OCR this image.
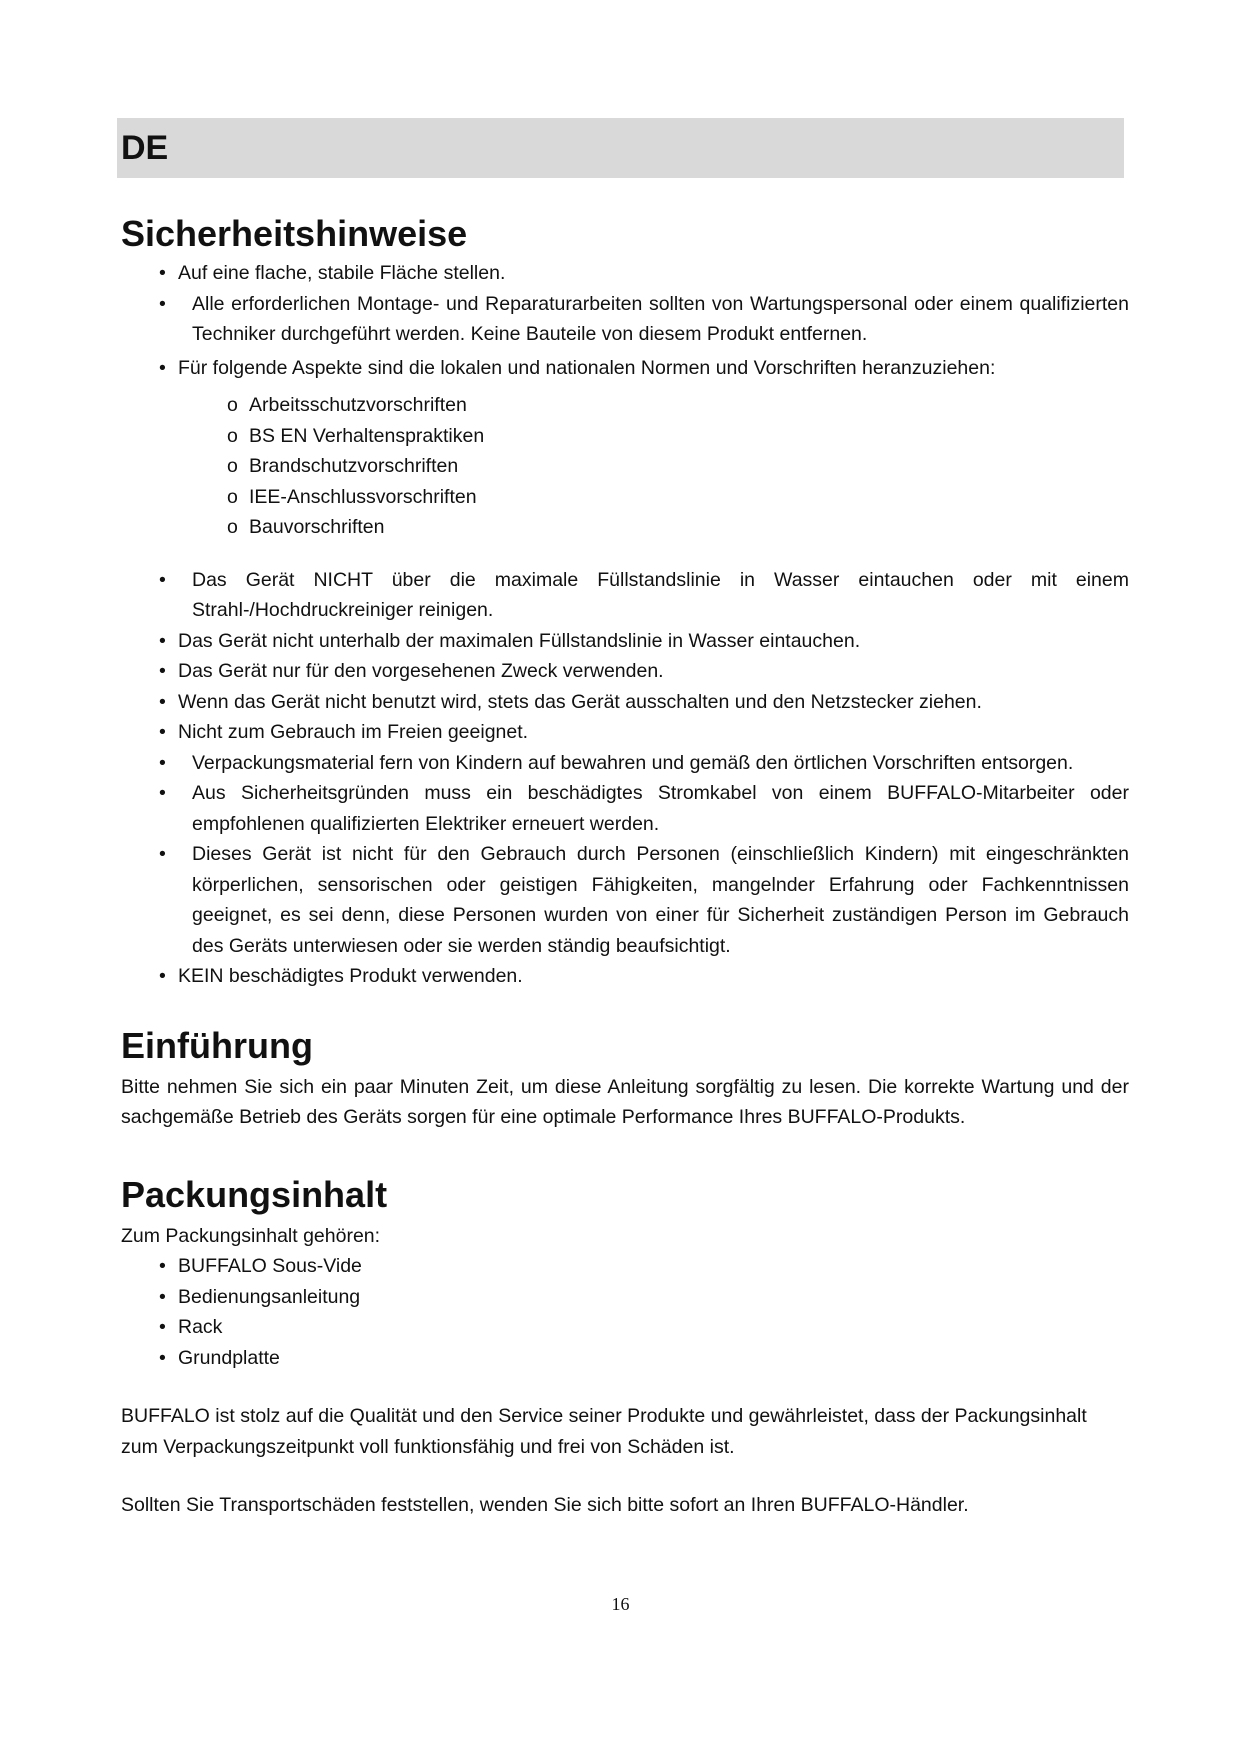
DE
Sicherheitshinweise
• Auf eine flache, stabile Fläche stellen.
• Alle erforderlichen Montage- und Reparaturarbeiten sollten von Wartungspersonal oder einem qualifizierten Techniker durchgeführt werden. Keine Bauteile von diesem Produkt entfernen.
• Für folgende Aspekte sind die lokalen und nationalen Normen und Vorschriften heranzuziehen:
o Arbeitsschutzvorschriften
o BS EN Verhaltenspraktiken
o Brandschutzvorschriften
o IEE-Anschlussvorschriften
o Bauvorschriften
• Das Gerät NICHT über die maximale Füllstandslinie in Wasser eintauchen oder mit einem Strahl-/Hochdruckreiniger reinigen.
• Das Gerät nicht unterhalb der maximalen Füllstandslinie in Wasser eintauchen.
• Das Gerät nur für den vorgesehenen Zweck verwenden.
• Wenn das Gerät nicht benutzt wird, stets das Gerät ausschalten und den Netzstecker ziehen.
• Nicht zum Gebrauch im Freien geeignet.
• Verpackungsmaterial fern von Kindern auf bewahren und gemäß den örtlichen Vorschriften entsorgen.
• Aus Sicherheitsgründen muss ein beschädigtes Stromkabel von einem BUFFALO-Mitarbeiter oder empfohlenen qualifizierten Elektriker erneuert werden.
• Dieses Gerät ist nicht für den Gebrauch durch Personen (einschließlich Kindern) mit eingeschränkten körperlichen, sensorischen oder geistigen Fähigkeiten, mangelnder Erfahrung oder Fachkenntnissen geeignet, es sei denn, diese Personen wurden von einer für Sicherheit zuständigen Person im Gebrauch des Geräts unterwiesen oder sie werden ständig beaufsichtigt.
• KEIN beschädigtes Produkt verwenden.
Einführung

Bitte nehmen Sie sich ein paar Minuten Zeit, um diese Anleitung sorgfältig zu lesen. Die korrekte Wartung und der sachgemäße Betrieb des Geräts sorgen für eine optimale Performance Ihres BUFFALO-Produkts.

Packungsinhalt

Zum Packungsinhalt gehören:

• BUFFALO Sous-Vide
• Bedienungsanleitung
• Rack
• Grundplatte

BUFFALO ist stolz auf die Qualität und den Service seiner Produkte und gewährleistet, dass der Packungsinhalt zum Verpackungszeitpunkt voll funktionsfähig und frei von Schäden ist.

Sollten Sie Transportschäden feststellen, wenden Sie sich bitte sofort an Ihren BUFFALO-Händler.

16
